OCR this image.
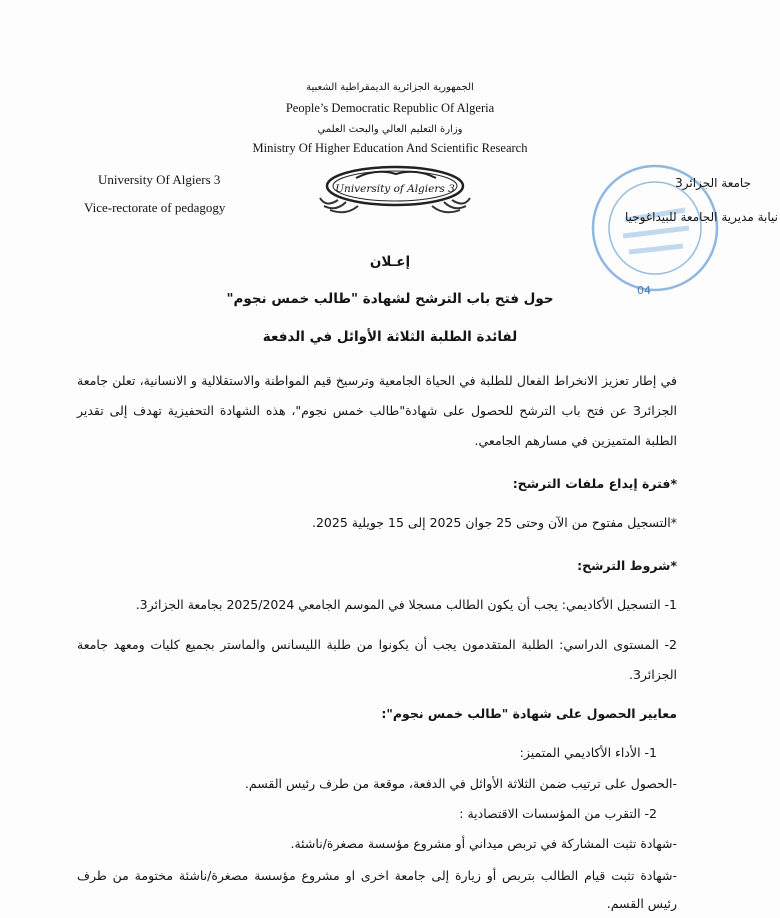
الجمهورية الجزائرية الديمقراطية الشعبية
People’s Democratic Republic Of Algeria
وزارة التعليم العالي والبحث العلمي
Ministry Of Higher Education And Scientific Research
University Of Algiers 3
Vice-rectorate of pedagogy
University of Algiers 3
04
جامعة الجزائر3
نيابة مديرية الجامعة للبيداغوجيا
إعـلان
حول فتح باب الترشح لشهادة "طالب خمس نجوم"
لفائدة الطلبة الثلاثة الأوائل في الدفعة
في إطار تعزيز الانخراط الفعال للطلبة في الحياة الجامعية وترسيخ قيم المواطنة والاستقلالية و الانسانية، تعلن جامعة الجزائر3 عن فتح باب الترشح للحصول على شهادة"طالب خمس نجوم"، هذه الشهادة التحفيزية تهدف إلى تقدير الطلبة المتميزين في مسارهم الجامعي.
*فترة إيداع ملفات الترشح:
*التسجيل مفتوح من الآن وحتى 25 جوان 2025 إلى 15 جويلية 2025.
*شروط الترشح:
1- التسجيل الأكاديمي: يجب أن يكون الطالب مسجلا في الموسم الجامعي 2025/2024 بجامعة الجزائر3.
2- المستوى الدراسي: الطلبة المتقدمون يجب أن يكونوا من طلبة الليسانس والماستر بجميع كليات ومعهد جامعة الجزائر3.
معايير الحصول على شهادة "طالب خمس نجوم":
1- الأداء الأكاديمي المتميز:
-الحصول على ترتيب ضمن الثلاثة الأوائل في الدفعة، موقعة من طرف رئيس القسم.
2- التقرب من المؤسسات الاقتصادية :
-شهادة تثبت المشاركة في تربص ميداني أو مشروع مؤسسة مصغرة/ناشئة.
-شهادة تثبت قيام الطالب بتربص أو زيارة إلى جامعة اخرى او مشروع مؤسسة مصغرة/ناشئة مختومة من طرف رئيس القسم.
